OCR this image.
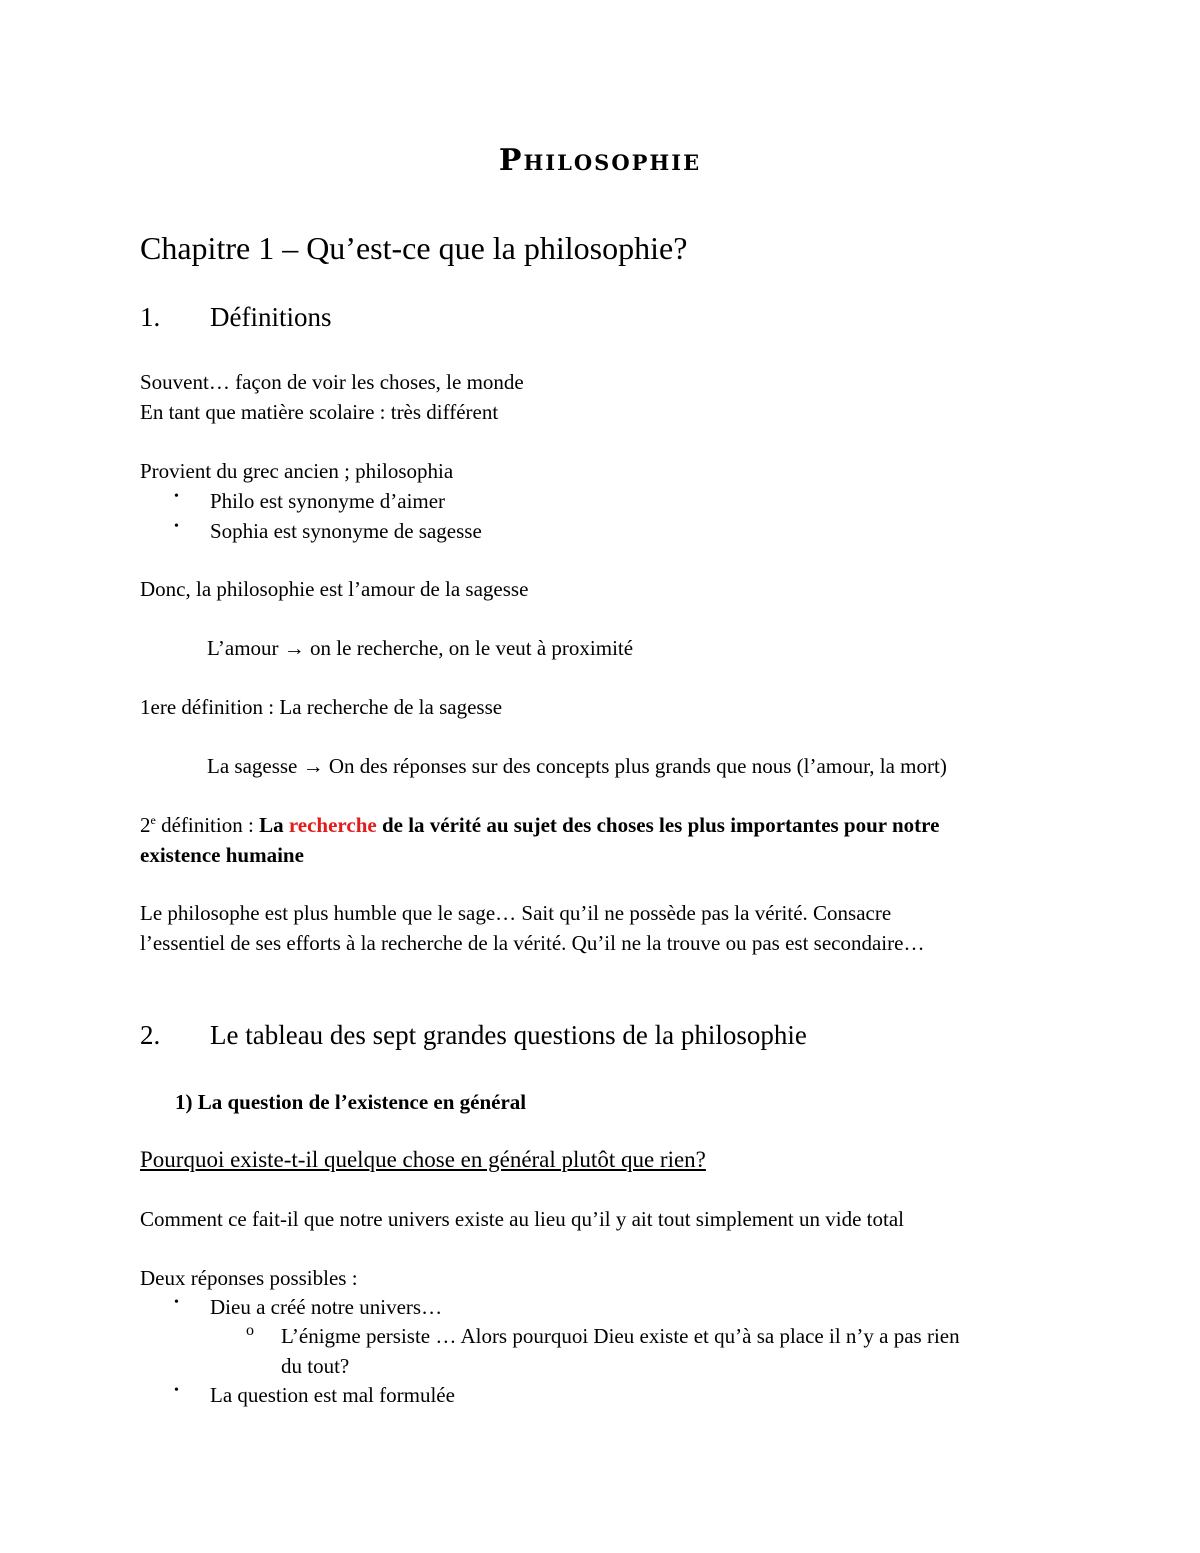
Philosophie
Chapitre 1 – Qu’est-ce que la philosophie?
1. Définitions
Souvent… façon de voir les choses, le monde
En tant que matière scolaire : très différent
Provient du grec ancien ; philosophia
• Philo est synonyme d’aimer
• Sophia est synonyme de sagesse
Donc, la philosophie est l’amour de la sagesse
L’amour → on le recherche, on le veut à proximité
1ere définition : La recherche de la sagesse
La sagesse → On des réponses sur des concepts plus grands que nous (l’amour, la mort)
2e définition : La recherche de la vérité au sujet des choses les plus importantes pour notre
existence humaine
Le philosophe est plus humble que le sage… Sait qu’il ne possède pas la vérité. Consacre
l’essentiel de ses efforts à la recherche de la vérité. Qu’il ne la trouve ou pas est secondaire…
2. Le tableau des sept grandes questions de la philosophie
1) La question de l’existence en général
Pourquoi existe-t-il quelque chose en général plutôt que rien?
Comment ce fait-il que notre univers existe au lieu qu’il y ait tout simplement un vide total
Deux réponses possibles :
• Dieu a créé notre univers…
o L’énigme persiste … Alors pourquoi Dieu existe et qu’à sa place il n’y a pas rien
du tout?
• La question est mal formulée
